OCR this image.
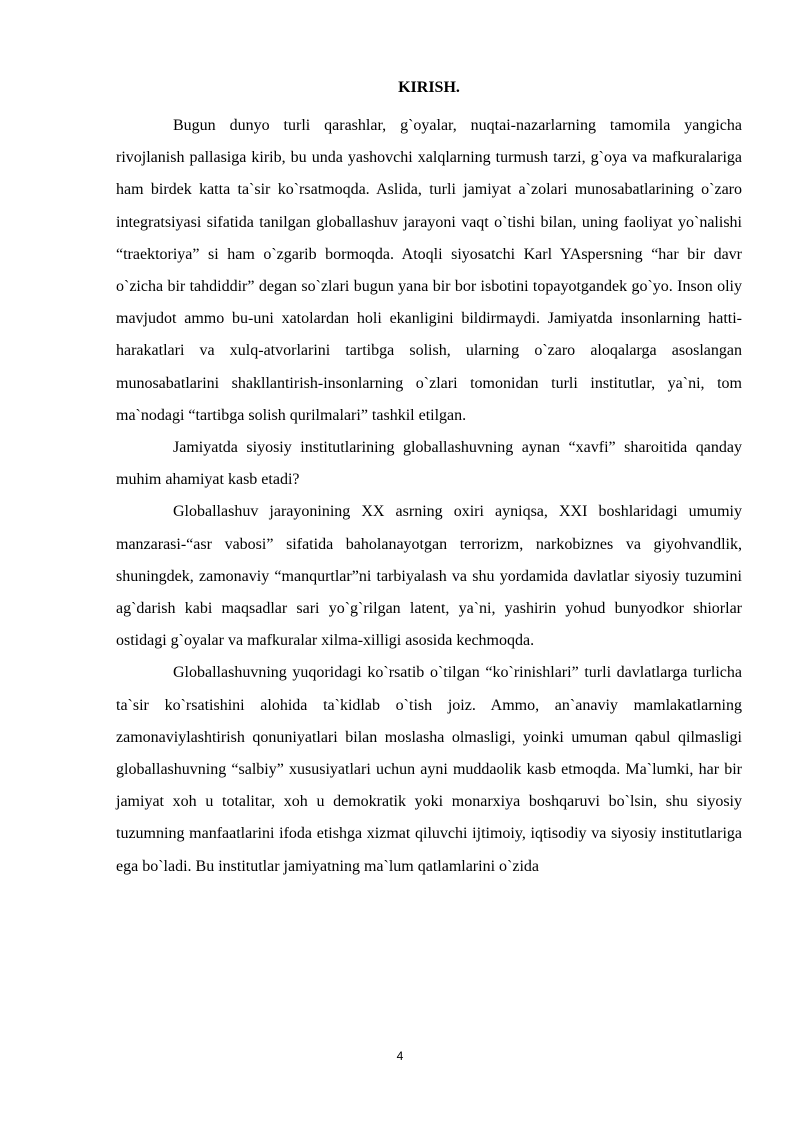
KIRISH.

Bugun dunyo turli qarashlar, g`oyalar, nuqtai-nazarlarning tamomila yangicha rivojlanish pallasiga kirib, bu unda yashovchi xalqlarning turmush tarzi, g`oya va mafkuralariga ham birdek katta ta`sir ko`rsatmoqda. Aslida, turli jamiyat a`zolari munosabatlarining o`zaro integratsiyasi sifatida tanilgan globallashuv jarayoni vaqt o`tishi bilan, uning faoliyat yo`nalishi “traektoriya” si ham o`zgarib bormoqda. Atoqli siyosatchi Karl YAspersning “har bir davr o`zicha bir tahdiddir” degan so`zlari bugun yana bir bor isbotini topayotgandek go`yo. Inson oliy mavjudot ammo bu-uni xatolardan holi ekanligini bildirmaydi. Jamiyatda insonlarning hatti- harakatlari va xulq-atvorlarini tartibga solish, ularning o`zaro aloqalarga asoslangan munosabatlarini shakllantirish-insonlarning o`zlari tomonidan turli institutlar, ya`ni, tom ma`nodagi “tartibga solish qurilmalari” tashkil etilgan.

Jamiyatda siyosiy institutlarining globallashuvning aynan “xavfi” sharoitida qanday muhim ahamiyat kasb etadi?

Globallashuv jarayonining XX asrning oxiri ayniqsa, XXI boshlaridagi umumiy manzarasi-“asr vabosi” sifatida baholanayotgan terrorizm, narkobiznes va giyohvandlik, shuningdek, zamonaviy “manqurtlar”ni tarbiyalash va shu yordamida davlatlar siyosiy tuzumini ag`darish kabi maqsadlar sari yo`g`rilgan latent, ya`ni, yashirin yohud bunyodkor shiorlar ostidagi g`oyalar va mafkuralar xilma-xilligi asosida kechmoqda.

Globallashuvning yuqoridagi ko`rsatib o`tilgan “ko`rinishlari” turli davlatlarga turlicha ta`sir ko`rsatishini alohida ta`kidlab o`tish joiz. Ammo, an`anaviy mamlakatlarning zamonaviylashtirish qonuniyatlari bilan moslasha olmasligi, yoinki umuman qabul qilmasligi globallashuvning “salbiy” xususiyatlari uchun ayni muddaolik kasb etmoqda. Ma`lumki, har bir jamiyat xoh u totalitar, xoh u demokratik yoki monarxiya boshqaruvi bo`lsin, shu siyosiy tuzumning manfaatlarini ifoda etishga xizmat qiluvchi ijtimoiy, iqtisodiy va siyosiy institutlariga ega bo`ladi. Bu institutlar jamiyatning ma`lum qatlamlarini o`zida

4
